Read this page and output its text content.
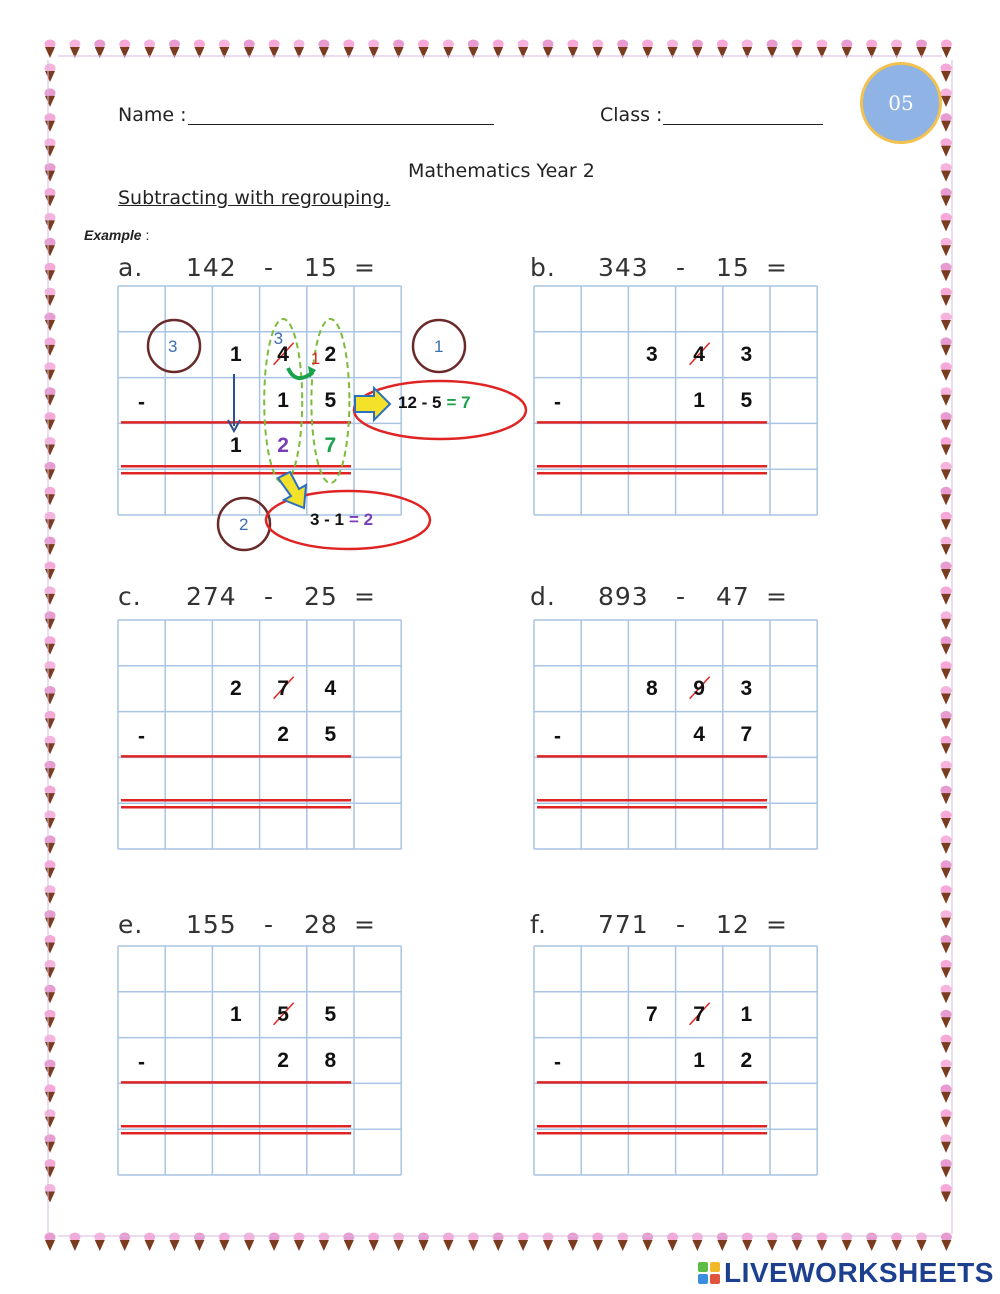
Name :	Class :	05
Mathematics Year 2
Subtracting with regrouping.
Example :
a. 142 - 15 =
1	4	2
1	5
-
3
1
3	1
2
1	2	7
12 - 5 = 7
3 - 1 = 2
b. 343 - 15 =
3	4	3
1	5
-
c. 274 - 25 =
2	7	4
2	5
-
d. 893 - 47 =
8	9	3
4	7
-
e. 155 - 28 =
1	5	5
2	8
-
f. 771 - 12 =
7	7	1
1	2
-
LIVEWORKSHEETS
